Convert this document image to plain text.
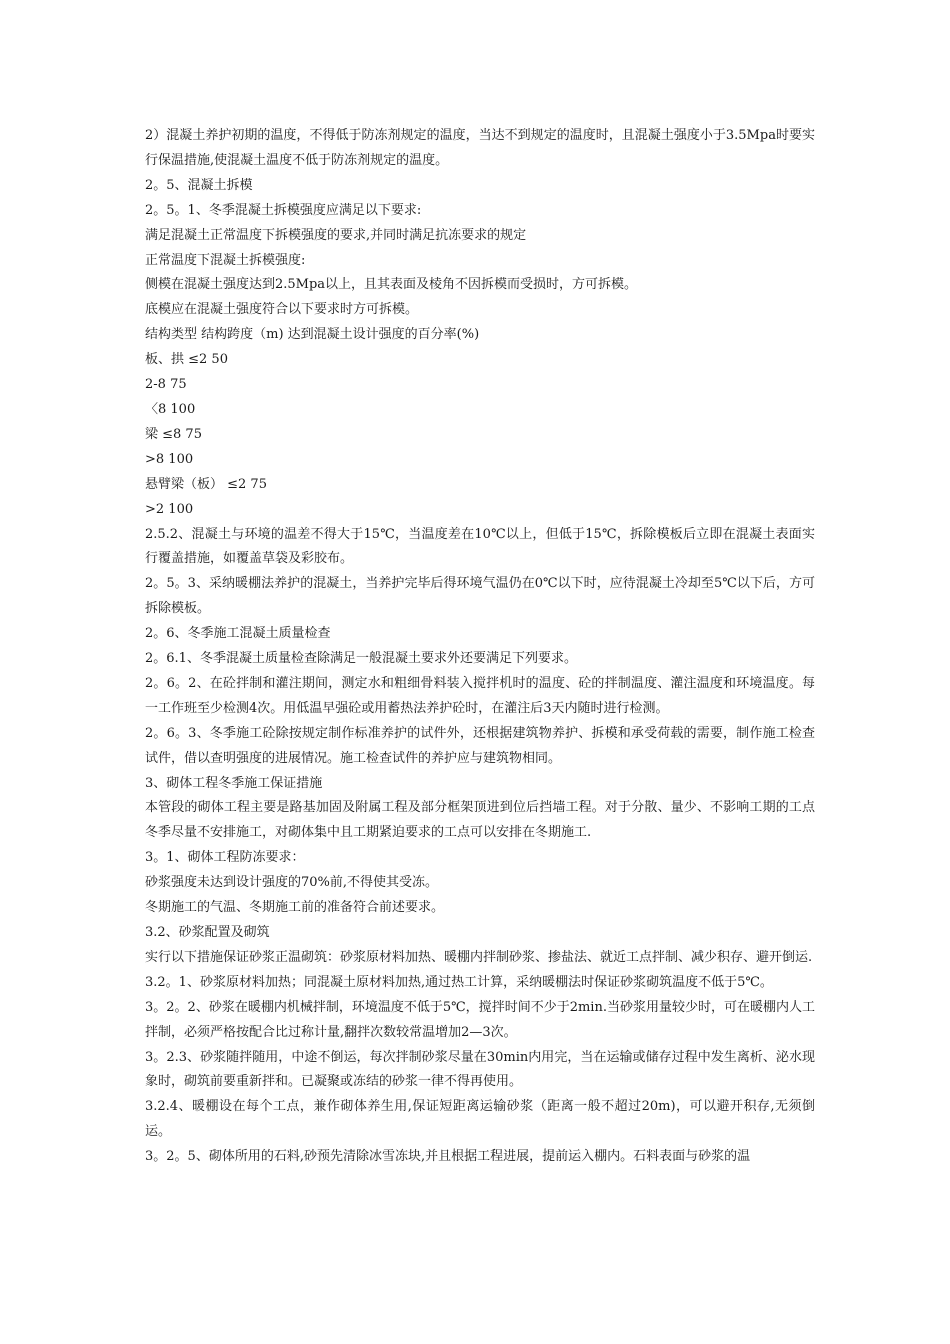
2）混凝土养护初期的温度，不得低于防冻剂规定的温度，当达不到规定的温度时，且混凝土强度小于3.5Mpa时要实行保温措施,使混凝土温度不低于防冻剂规定的温度。

2。5、混凝土拆模

2。5。1、冬季混凝土拆模强度应满足以下要求:

满足混凝土正常温度下拆模强度的要求,并同时满足抗冻要求的规定

正常温度下混凝土拆模强度:

侧模在混凝土强度达到2.5Mpa以上，且其表面及棱角不因拆模而受损时，方可拆模。

底模应在混凝土强度符合以下要求时方可拆模。

结构类型 结构跨度（m) 达到混凝土设计强度的百分率(%)

板、拱 ≤2 50

2-8 75

〈8 100

梁 ≤8 75

>8 100

悬臂梁（板） ≤2 75

>2 100

2.5.2、混凝土与环境的温差不得大于15℃，当温度差在10℃以上，但低于15℃，拆除模板后立即在混凝土表面实行覆盖措施，如覆盖草袋及彩胶布。

2。5。3、采纳暖棚法养护的混凝土，当养护完毕后得环境气温仍在0℃以下时，应待混凝土冷却至5℃以下后，方可拆除模板。

2。6、冬季施工混凝土质量检查

2。6.1、冬季混凝土质量检查除满足一般混凝土要求外还要满足下列要求。

2。6。2、在砼拌制和灌注期间，测定水和粗细骨料装入搅拌机时的温度、砼的拌制温度、灌注温度和环境温度。每一工作班至少检测4次。用低温早强砼或用蓄热法养护砼时，在灌注后3天内随时进行检测。

2。6。3、冬季施工砼除按规定制作标准养护的试件外，还根据建筑物养护、拆模和承受荷载的需要，制作施工检查试件，借以查明强度的进展情况。施工检查试件的养护应与建筑物相同。

3、砌体工程冬季施工保证措施

本管段的砌体工程主要是路基加固及附属工程及部分框架顶进到位后挡墙工程。对于分散、量少、不影响工期的工点冬季尽量不安排施工，对砌体集中且工期紧迫要求的工点可以安排在冬期施工.

3。1、砌体工程防冻要求：

砂浆强度未达到设计强度的70%前,不得使其受冻。

冬期施工的气温、冬期施工前的准备符合前述要求。

3.2、砂浆配置及砌筑

实行以下措施保证砂浆正温砌筑：砂浆原材料加热、暖棚内拌制砂浆、掺盐法、就近工点拌制、减少积存、避开倒运.

3.2。1、砂浆原材料加热；同混凝土原材料加热,通过热工计算，采纳暖棚法时保证砂浆砌筑温度不低于5℃。

3。2。2、砂浆在暖棚内机械拌制，环境温度不低于5℃，搅拌时间不少于2min.当砂浆用量较少时，可在暖棚内人工拌制，必须严格按配合比过称计量,翻拌次数较常温增加2—3次。

3。2.3、砂浆随拌随用，中途不倒运，每次拌制砂浆尽量在30min内用完，当在运输或储存过程中发生离析、泌水现象时，砌筑前要重新拌和。已凝聚或冻结的砂浆一律不得再使用。

3.2.4、暖棚设在每个工点，兼作砌体养生用,保证短距离运输砂浆（距离一般不超过20m)，可以避开积存,无须倒运。

3。2。5、砌体所用的石料,砂预先清除冰雪冻块,并且根据工程进展，提前运入棚内。石料表面与砂浆的温
